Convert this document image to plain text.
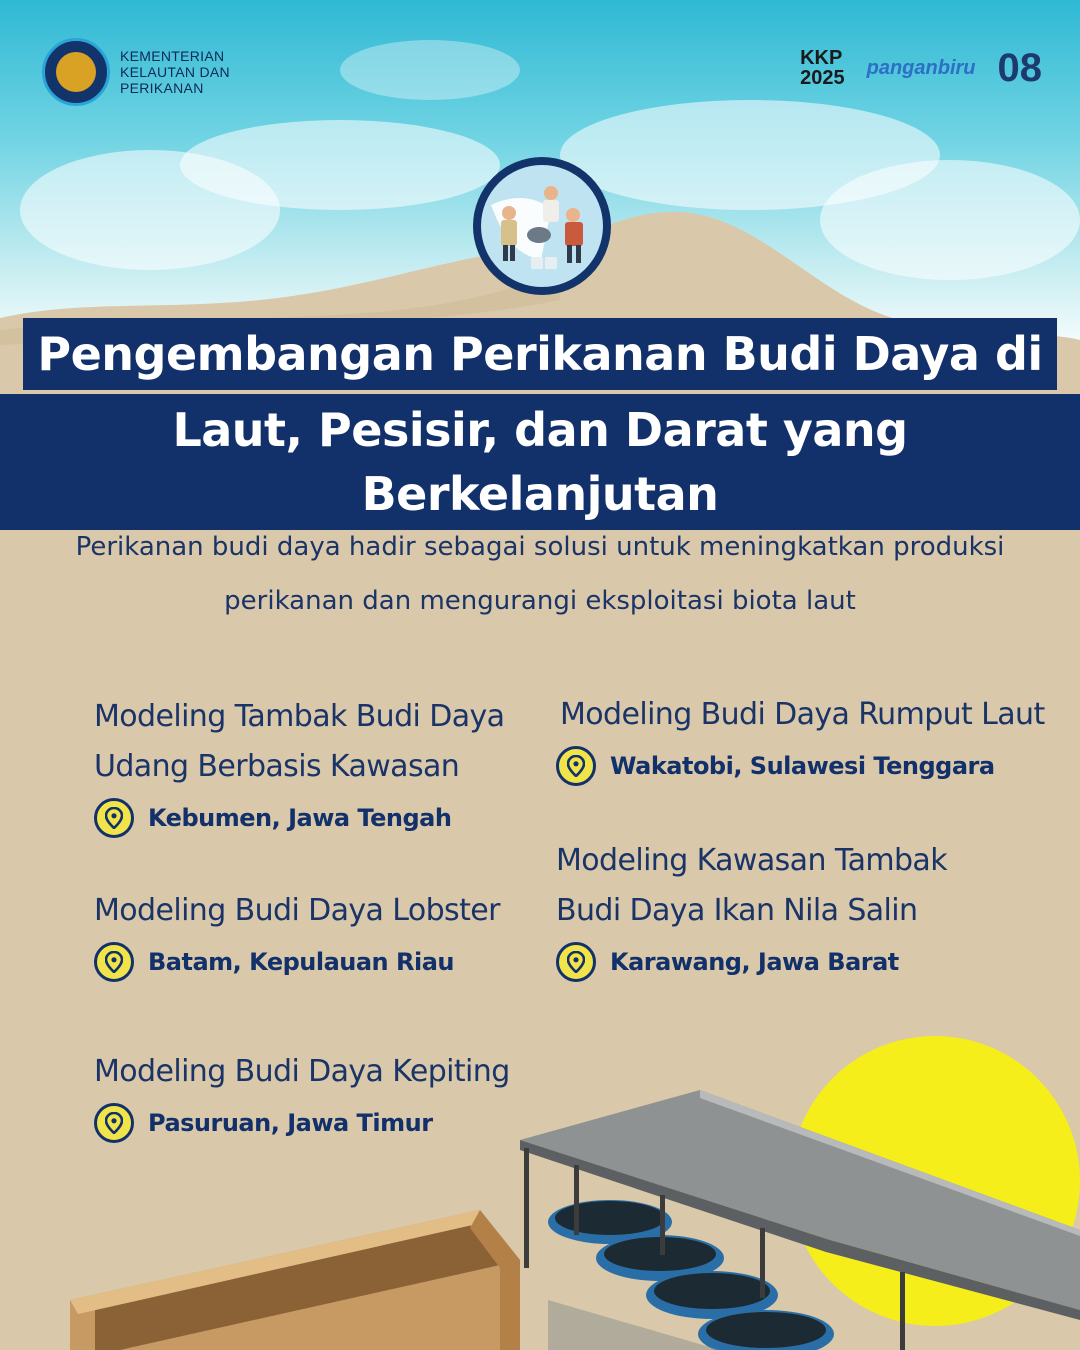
KEMENTERIAN
KELAUTAN DAN
PERIKANAN
KKP
2025 panganbiru 08
Pengembangan Perikanan Budi Daya di
Laut, Pesisir, dan Darat yang Berkelanjutan
Perikanan budi daya hadir sebagai solusi untuk meningkatkan produksi
perikanan dan mengurangi eksploitasi biota laut
Modeling Tambak Budi Daya
Udang Berbasis Kawasan
Kebumen, Jawa Tengah
Modeling Budi Daya Lobster
Batam, Kepulauan Riau
Modeling Budi Daya Kepiting
Pasuruan, Jawa Timur
Modeling Budi Daya Rumput Laut
Wakatobi, Sulawesi Tenggara
Modeling Kawasan Tambak
Budi Daya Ikan Nila Salin
Karawang, Jawa Barat
